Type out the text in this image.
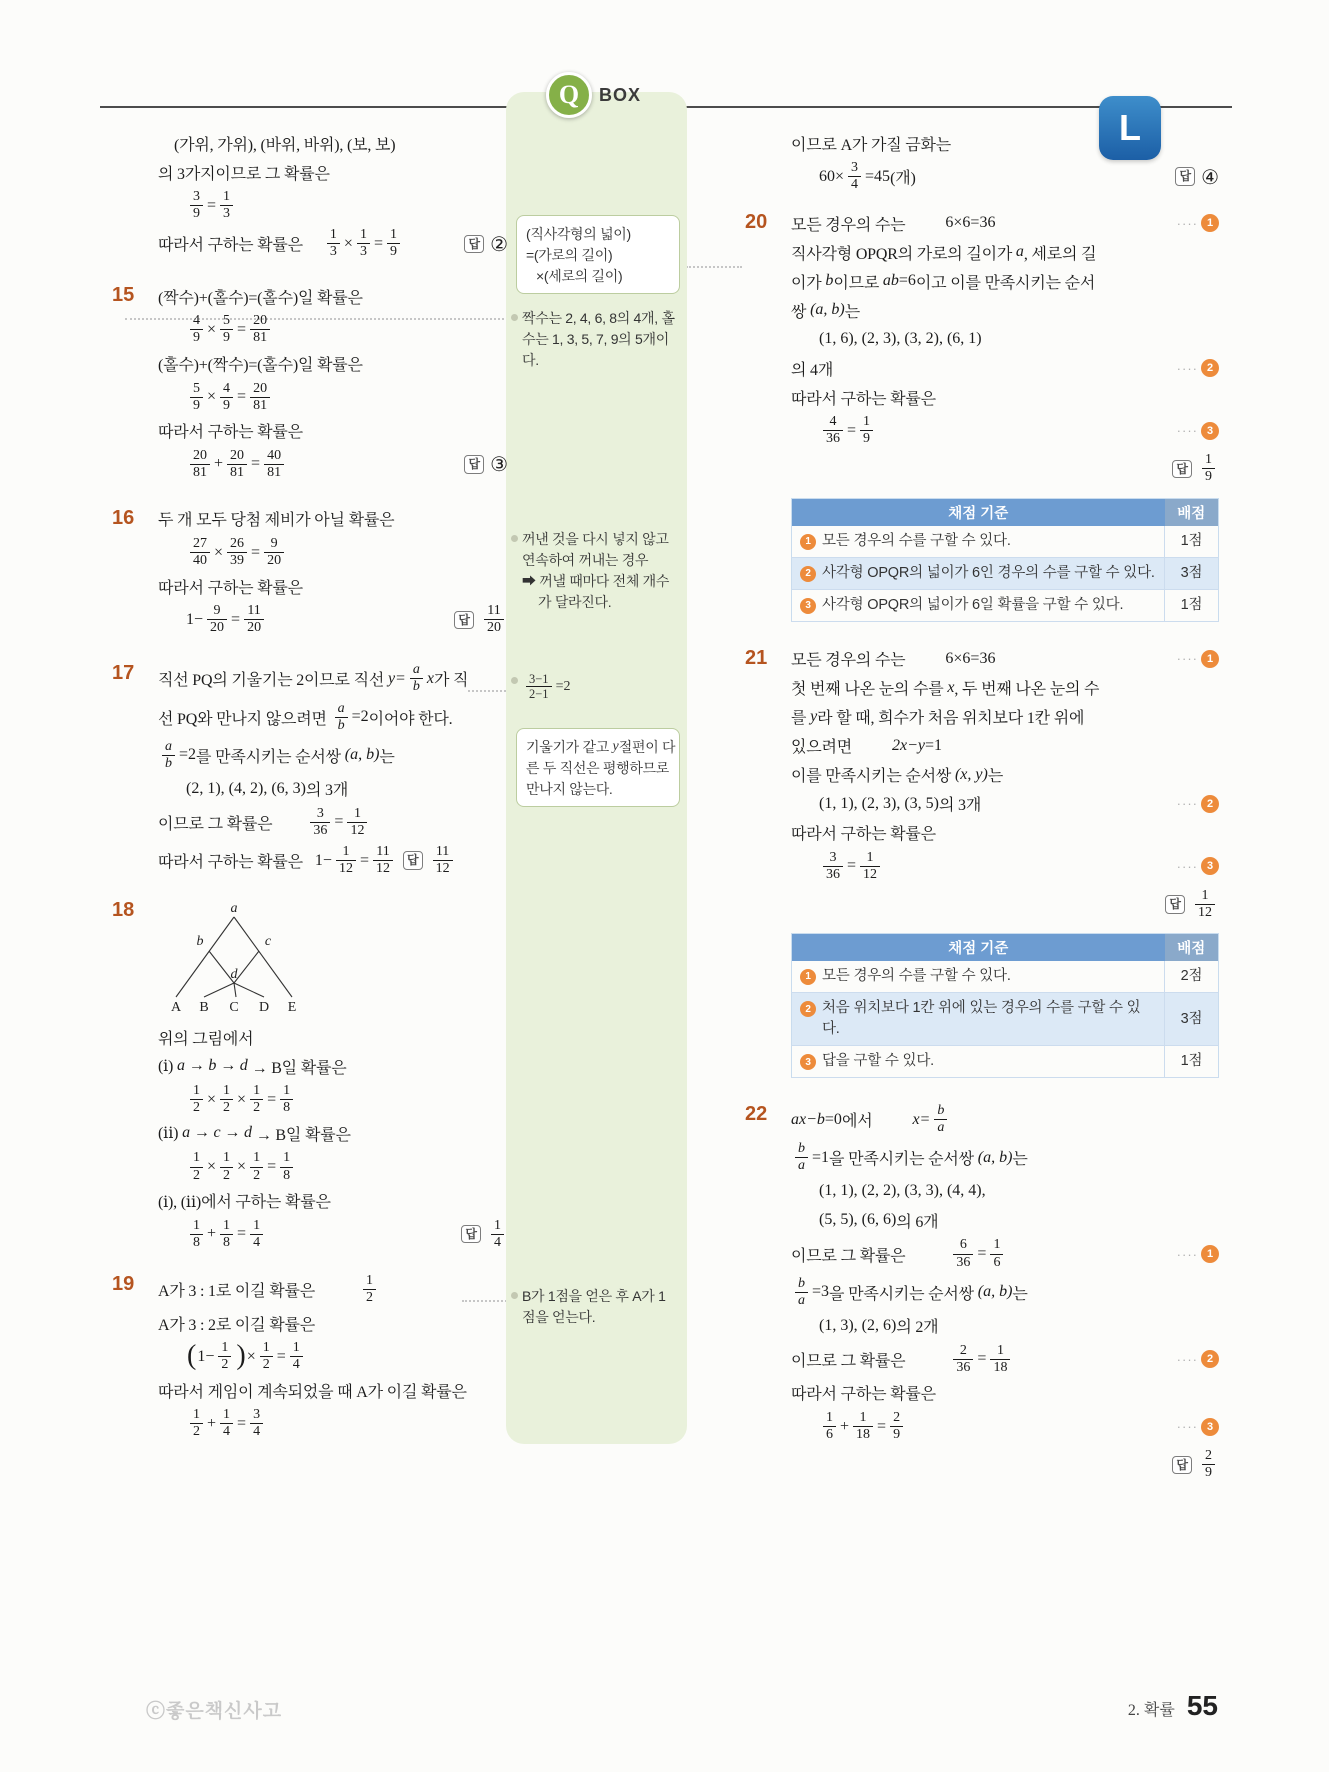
L
Q BOX
(직사각형의 넓이)
=(가로의 길이)
×(세로의 길이)
짝수는 2, 4, 6, 8의 4개, 홀
수는 1, 3, 5, 7, 9의 5개이
다.
꺼낸 것을 다시 넣지 않고
연속하여 꺼내는 경우
➡ 꺼낼 때마다 전체 개수
가 달라진다.
$\frac{3-1}{2-1} =2$
기울기가 같고 y 절편이 다
른 두 직선은 평행하므로
만나지 않는다.
B가 1점을 얻은 후 A가 1
점을 얻는다.
(가위, 가위), (바위, 바위), (보, 보)
의 3가지이므로 그 확률은
$\frac{3}{9} = \frac{1}{3}$
따라서 구하는 확률은 $\frac{1}{3} \times \frac{1}{3} = \frac{1}{9}$	답 ②
15	(짝수)+(홀수)=(홀수)일 확률은
$\frac{4}{9} \times \frac{5}{9} = \frac{20}{81}$
(홀수)+(짝수)=(홀수)일 확률은
$\frac{5}{9} \times \frac{4}{9} = \frac{20}{81}$
따라서 구하는 확률은
$\frac{20}{81} + \frac{20}{81} = \frac{40}{81}$	답 ③
16	두 개 모두 당첨 제비가 아닐 확률은
$\frac{27}{40} \times \frac{26}{39} = \frac{9}{20}$
따라서 구하는 확률은
$1- \frac{9}{20} = \frac{11}{20}$	답 $\frac{11}{20}$
17	직선 PQ의 기울기는 2이므로 직선 $y= \frac{a}{b}$ x 가 직
선 PQ와 만나지 않으려면 $\frac{a}{b} =2$ 이어야 한다.
$\frac{a}{b} =2$ 를 만족시키는 순서쌍 (a, b) 는
(2, 1), (4, 2), (6, 3) 의 3개
이므로 그 확률은	$\frac{3}{36} = \frac{1}{12}$
따라서 구하는 확률은 $1- \frac{1}{12} = \frac{11}{12}$	답 $\frac{11}{12}$
18	a
b	c
d
A B C D E
위의 그림에서
(ⅰ) a → b → d → B일 확률은
$\frac{1}{2} \times \frac{1}{2} \times \frac{1}{2} = \frac{1}{8}$
(ⅱ) a → c → d → B일 확률은
$\frac{1}{2} \times \frac{1}{2} \times \frac{1}{2} = \frac{1}{8}$
(ⅰ), (ⅱ)에서 구하는 확률은
$\frac{1}{8} + \frac{1}{8} = \frac{1}{4}$	답 $\frac{1}{4}$
19	A가 3 : 1로 이길 확률은	$\frac{1}{2}$
A가 3 : 2로 이길 확률은
( $1- \frac{1}{2}$ ) × $\frac{1}{2} = \frac{1}{4}$
따라서 게임이 계속되었을 때 A가 이길 확률은
$\frac{1}{2} + \frac{1}{4} = \frac{3}{4}$
이므로 A가 가질 금화는
$60\times \frac{3}{4} =45$ (개)	답 ④
20	모든 경우의 수는	6×6=36	···· 1
직사각형 OPQR의 가로의 길이가 a , 세로의 길
이가 b 이므로 ab =6 이고 이를 만족시키는 순서
쌍 (a, b) 는
(1, 6), (2, 3), (3, 2), (6, 1)
의 4개	···· 2
따라서 구하는 확률은
$\frac{4}{36} = \frac{1}{9}$	···· 3
답 $\frac{1}{9}$
채점 기준	배점

1 모든 경우의 수를 구할 수 있다.	1점

2 사각형 OPQR의 넓이가 6인 경우의 수를 구할 수 있다.	3점

3 사각형 OPQR의 넓이가 6일 확률을 구할 수 있다.	1점
21	모든 경우의 수는	6×6=36	···· 1
첫 번째 나온 눈의 수를 x , 두 번째 나온 눈의 수
를 y 라 할 때, 희수가 처음 위치보다 1칸 위에
있으려면	2x−y =1
이를 만족시키는 순서쌍 (x, y) 는
(1, 1), (2, 3), (3, 5) 의 3개	···· 2
따라서 구하는 확률은
$\frac{3}{36} = \frac{1}{12}$	···· 3
답 $\frac{1}{12}$
채점 기준	배점

1 모든 경우의 수를 구할 수 있다.	2점

2 처음 위치보다 1칸 위에 있는 경우의 수를 구할 수 있다.	3점

3 답을 구할 수 있다.	1점
22	ax−b =0 에서	$x= \frac{b}{a}$
$\frac{b}{a} =1$ 을 만족시키는 순서쌍 (a, b) 는
(1, 1), (2, 2), (3, 3), (4, 4),
(5, 5), (6, 6) 의 6개
이므로 그 확률은	$\frac{6}{36} = \frac{1}{6}$	···· 1
$\frac{b}{a} =3$ 을 만족시키는 순서쌍 (a, b) 는
(1, 3), (2, 6) 의 2개
이므로 그 확률은	$\frac{2}{36} = \frac{1}{18}$	···· 2
따라서 구하는 확률은
$\frac{1}{6} + \frac{1}{18} = \frac{2}{9}$	···· 3
답 $\frac{2}{9}$
ⓒ좋은책신사고	2. 확률 55
